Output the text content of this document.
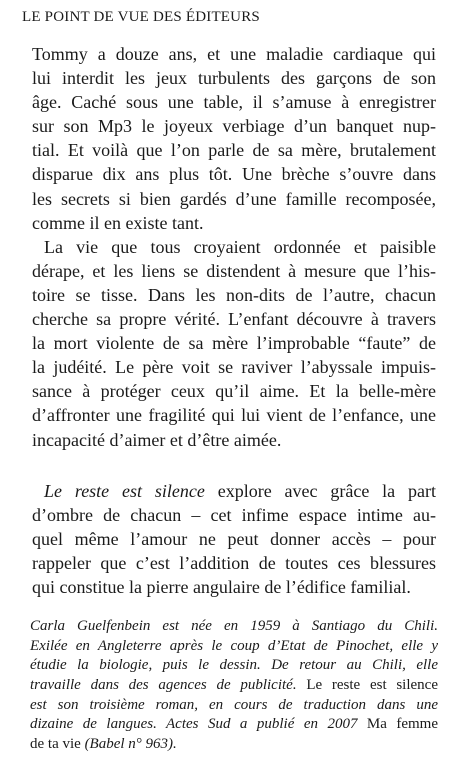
LE POINT DE VUE DES ÉDITEURS
Tommy a douze ans, et une maladie cardiaque qui
lui interdit les jeux turbulents des garçons de son
âge. Caché sous une table, il s’amuse à enregistrer
sur son Mp3 le joyeux verbiage d’un banquet nup-
tial. Et voilà que l’on parle de sa mère, brutalement
disparue dix ans plus tôt. Une brèche s’ouvre dans
les secrets si bien gardés d’une famille recomposée,
comme il en existe tant.
La vie que tous croyaient ordonnée et paisible
dérape, et les liens se distendent à mesure que l’his-
toire se tisse. Dans les non-dits de l’autre, chacun
cherche sa propre vérité. L’enfant découvre à travers
la mort violente de sa mère l’improbable “faute” de
la judéité. Le père voit se raviver l’abyssale impuis-
sance à protéger ceux qu’il aime. Et la belle-mère
d’affronter une fragilité qui lui vient de l’enfance, une
incapacité d’aimer et d’être aimée.
Le reste est silence explore avec grâce la part
d’ombre de chacun – cet infime espace intime au-
quel même l’amour ne peut donner accès – pour
rappeler que c’est l’addition de toutes ces blessures
qui constitue la pierre angulaire de l’édifice familial.
Carla Guelfenbein est née en 1959 à Santiago du Chili.
Exilée en Angleterre après le coup d’Etat de Pinochet, elle y
étudie la biologie, puis le dessin. De retour au Chili, elle
travaille dans des agences de publicité. Le reste est silence
est son troisième roman, en cours de traduction dans une
dizaine de langues. Actes Sud a publié en 2007 Ma femme
de ta vie (Babel n° 963).
